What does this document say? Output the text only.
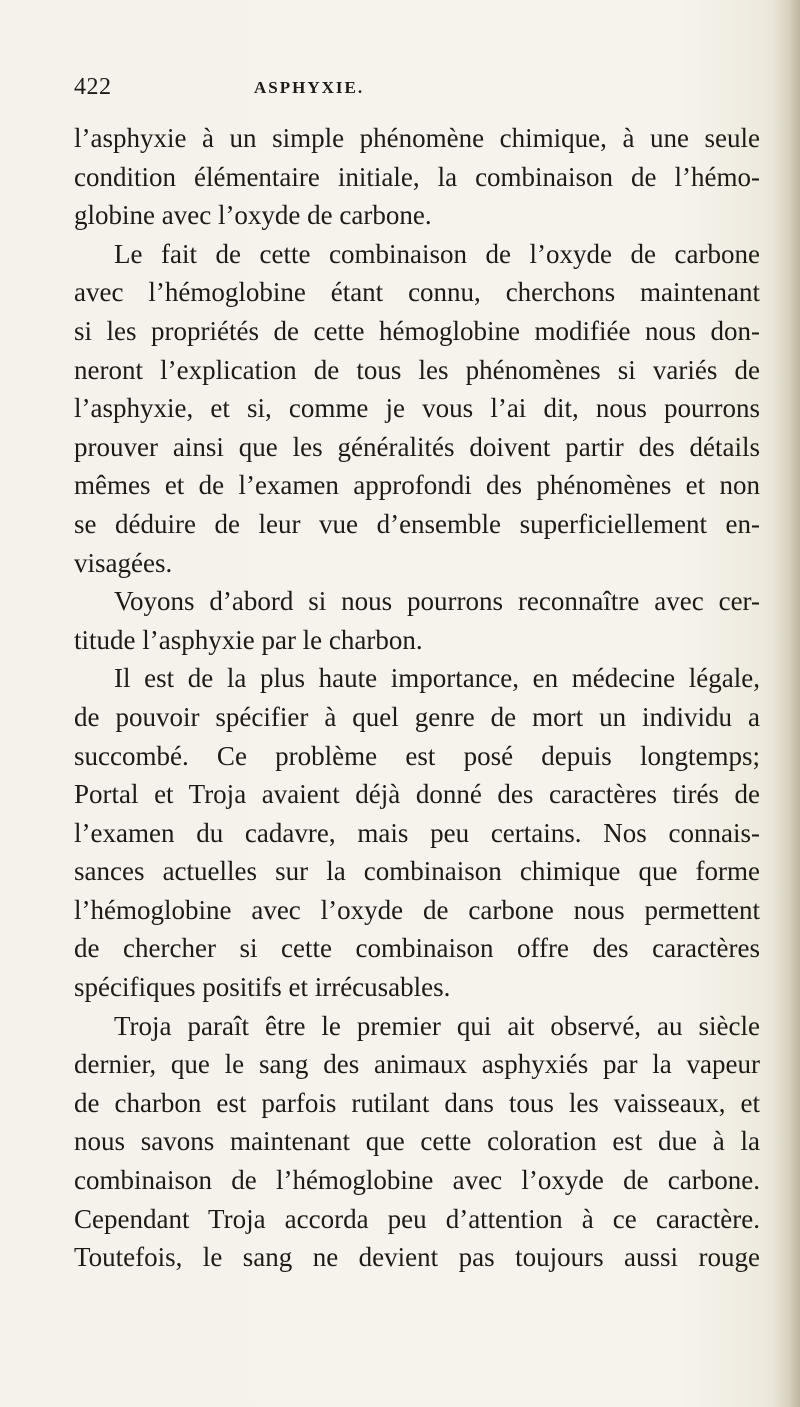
422	ASPHYXIE.
l’asphyxie à un simple phénomène chimique, à une seule
condition élémentaire initiale, la combinaison de l’hémo-
globine avec l’oxyde de carbone.
Le fait de cette combinaison de l’oxyde de carbone
avec l’hémoglobine étant connu, cherchons maintenant
si les propriétés de cette hémoglobine modifiée nous don-
neront l’explication de tous les phénomènes si variés de
l’asphyxie, et si, comme je vous l’ai dit, nous pourrons
prouver ainsi que les généralités doivent partir des détails
mêmes et de l’examen approfondi des phénomènes et non
se déduire de leur vue d’ensemble superficiellement en-
visagées.
Voyons d’abord si nous pourrons reconnaître avec cer-
titude l’asphyxie par le charbon.
Il est de la plus haute importance, en médecine légale,
de pouvoir spécifier à quel genre de mort un individu a
succombé. Ce problème est posé depuis longtemps;
Portal et Troja avaient déjà donné des caractères tirés de
l’examen du cadavre, mais peu certains. Nos connais-
sances actuelles sur la combinaison chimique que forme
l’hémoglobine avec l’oxyde de carbone nous permettent
de chercher si cette combinaison offre des caractères
spécifiques positifs et irrécusables.
Troja paraît être le premier qui ait observé, au siècle
dernier, que le sang des animaux asphyxiés par la vapeur
de charbon est parfois rutilant dans tous les vaisseaux, et
nous savons maintenant que cette coloration est due à la
combinaison de l’hémoglobine avec l’oxyde de carbone.
Cependant Troja accorda peu d’attention à ce caractère.
Toutefois, le sang ne devient pas toujours aussi rouge
